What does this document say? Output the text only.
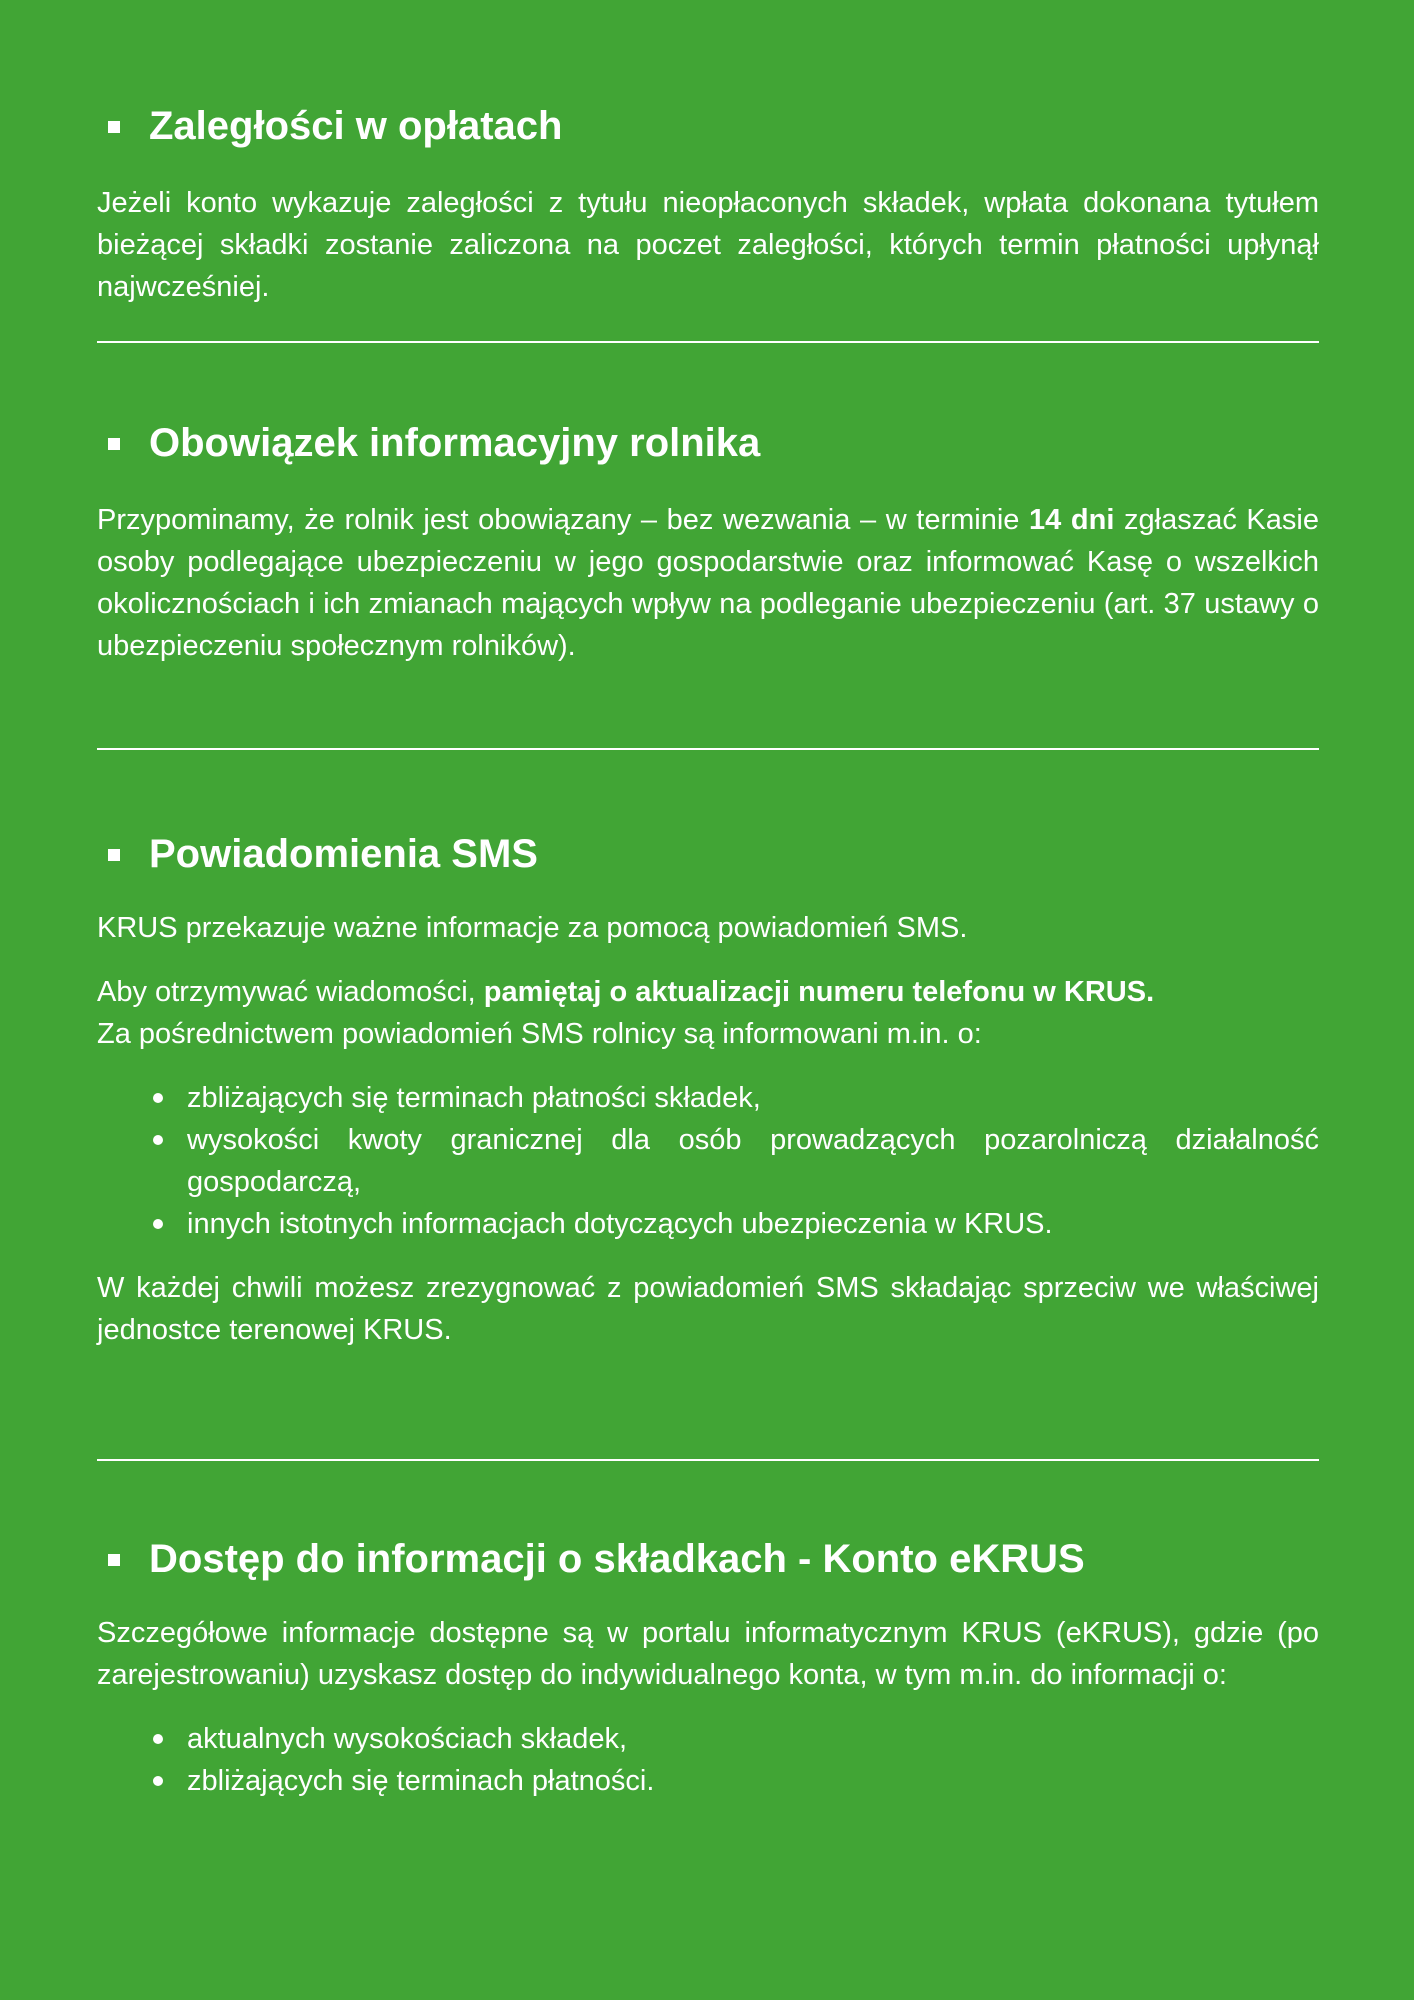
Zaległości w opłatach

Jeżeli konto wykazuje zaległości z tytułu nieopłaconych składek, wpłata dokonana tytułem bieżącej składki zostanie zaliczona na poczet zaległości, których termin płatności upłynął najwcześniej.

Obowiązek informacyjny rolnika

Przypominamy, że rolnik jest obowiązany – bez wezwania – w terminie 14 dni zgłaszać Kasie osoby podlegające ubezpieczeniu w jego gospodarstwie oraz informować Kasę o wszelkich okolicznościach i ich zmianach mających wpływ na podleganie ubezpieczeniu (art. 37 ustawy o ubezpieczeniu społecznym rolników).

Powiadomienia SMS

KRUS przekazuje ważne informacje za pomocą powiadomień SMS.

Aby otrzymywać wiadomości, pamiętaj o aktualizacji numeru telefonu w KRUS.

Za pośrednictwem powiadomień SMS rolnicy są informowani m.in. o:

zbliżających się terminach płatności składek,
wysokości kwoty granicznej dla osób prowadzących pozarolniczą działalność gospodarczą,
innych istotnych informacjach dotyczących ubezpieczenia w KRUS.

W każdej chwili możesz zrezygnować z powiadomień SMS składając sprzeciw we właściwej jednostce terenowej KRUS.

Dostęp do informacji o składkach - Konto eKRUS

Szczegółowe informacje dostępne są w portalu informatycznym KRUS (eKRUS), gdzie (po zarejestrowaniu) uzyskasz dostęp do indywidualnego konta, w tym m.in. do informacji o:

aktualnych wysokościach składek,
zbliżających się terminach płatności.
